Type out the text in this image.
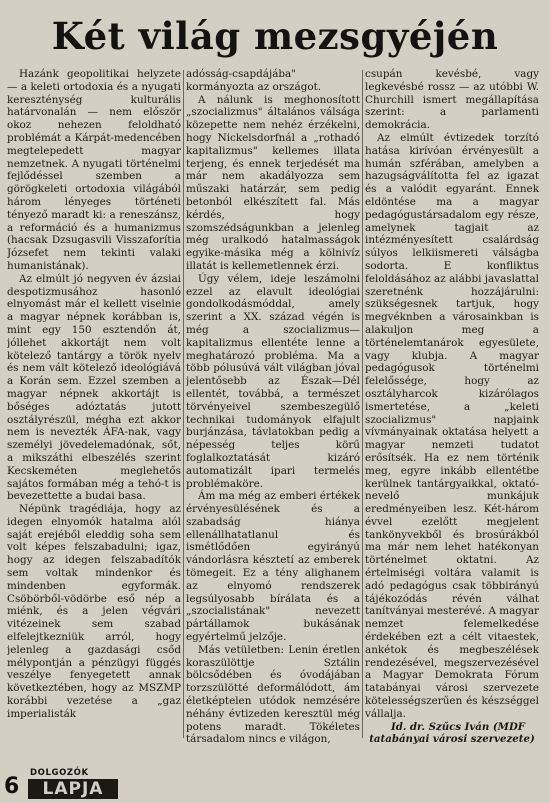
Két világ mezsgyéjén

Hazánk geopolitikai helyzete — a keleti ortodoxia és a nyugati kereszténység kulturális határvonalán — nem először okoz nehezen feloldható problémát a Kárpát-medencében megtelepedett magyar nemzetnek. A nyugati történelmi fejlődéssel szemben a görögkeleti ortodoxia világából három lényeges történeti tényező maradt ki: a reneszánsz, a reformáció és a humanizmus (hacsak Dzsugasvili Visszaforítia Józsefet nem tekinti valaki humanistának).

Az elmúlt jó negyven év ázsiai despotizmusához hasonló elnyomást már el kellett viselnie a magyar népnek korábban is, mint egy 150 esztendőn át, jóllehet akkortájt nem volt kötelező tantárgy a török nyelv és nem vált kötelező ideológiává a Korán sem. Ezzel szemben a magyar népnek akkortájt is bőséges adóztatás jutott osztályrészül, mégha ezt akkor nem is nevezték ÁFA-nak, vagy személyi jövedelemadónak, sőt, a mikszáthi elbeszélés szerint Kecskeméten meglehetős sajátos formában még a tehó-t is bevezettette a budai basa.

Népünk tragédiája, hogy az idegen elnyomók hatalma alól saját erejéből eleddig soha sem volt képes felszabadulni; igaz, hogy az idegen felszabadítók sem voltak mindenkor és mindenben egyformák. Csöbörből-vödörbe eső nép a miénk, és a jelen végvári vitézeinek sem szabad elfelejtkezniük arról, hogy jelenleg a gazdasági csőd mélypontján a pénzügyi függés veszélye fenyegetett annak következtében, hogy az MSZMP korábbi vezetése a „gaz imperialisták

adósság-csapdájába" kormányozta az országot.

A nálunk is meghonosított „szocializmus" általános válsága közepette nem nehéz érzékelni, hogy Nickelsdorfnál a „rothadó kapitalizmus" kellemes illata terjeng, és ennek terjedését ma már nem akadályozza sem műszaki határzár, sem pedig betonból elkészített fal. Más kérdés, hogy szomszédságunkban a jelenleg még uralkodó hatalmasságok egyike-másika még a kölnivíz illatát is kellemetlennek érzi.

Úgy vélem, ideje leszámolni ezzel az elavult ideológiai gondolkodásmóddal, amely szerint a XX. század végén is még a szocializmus—kapitalizmus ellentéte lenne a meghatározó probléma. Ma a több pólusúvá vált világban jóval jelentősebb az Észak—Dél ellentét, továbbá, a természet törvényeivel szembeszegülő technikai tudományok elfajult burjánzása, távlatokban pedig a népesség teljes körű foglalkoztatását kizáró automatizált ipari termelés problémaköre.

Ám ma még az emberi értékek érvényesülésének és a szabadság hiánya ellenállhatatlanul és ismétlődően egyirányú vándorlásra késztetí az emberek tömegeit. Ez a tény alighanem az elnyomó rendszerek legsúlyosabb bírálata és a „szocialistának" nevezett pártállamok bukásának egyértelmű jelzője.

Más vetületben: Lenin éretlen koraszülöttje Sztálin bölcsődében és óvodájában torzszülötté deformálódott, ám életképtelen utódok nemzésére néhány évtizeden keresztül még potens maradt. Tökéletes társadalom nincs e világon,

csupán kevésbé, vagy legkevésbé rossz — az utóbbi W. Churchill ismert megállapítása szerint: a parlamenti demokrácia.

Az elmúlt évtizedek torzító hatása kirívóan érvényesült a humán szférában, amelyben a hazugságválította fel az igazat és a valódit egyaránt. Ennek eldöntése ma a magyar pedagógustársadalom egy része, amelynek tagjait az intézményesített csalárdság súlyos lelkiismereti válságba sodorta. E konfliktus feloldásához az alábbi javaslattal szeretnénk hozzájárulni: szükségesnek tartjuk, hogy megvéknben a városainkban is alakuljon meg a történelemtanárok egyesülete, vagy klubja. A magyar pedagógusok történelmi felelőssége, hogy az osztályharcok kizárólagos ismertetése, a „keleti szocializmus" napjaink vívmányainak oktatása helyett a magyar nemzeti tudatot erősítsék. Ha ez nem történik meg, egyre inkább ellentétbe kerülnek tantárgyaikkal, oktató-nevelő munkájuk eredményeiben lesz. Két-három évvel ezelőtt megjelent tankönyvekből és brosúrákból ma már nem lehet hatékonyan történelmet oktatni. Az értelmiségi voltára valamit is adó pedagógus csak többirányú tájékozódás révén válhat tanítványai mesterévé. A magyar nemzet felemelkedése érdekében ezt a célt vitaestek, ankétok és megbeszélések rendezésével, megszervezésével a Magyar Demokrata Fórum tatabányai városi szervezete kötelességszerűen és készséggel vállalja.

Id. dr. Szűcs Iván (MDF tatabányai városi szervezete)

6
DOLGOZÓK
LAPJA
